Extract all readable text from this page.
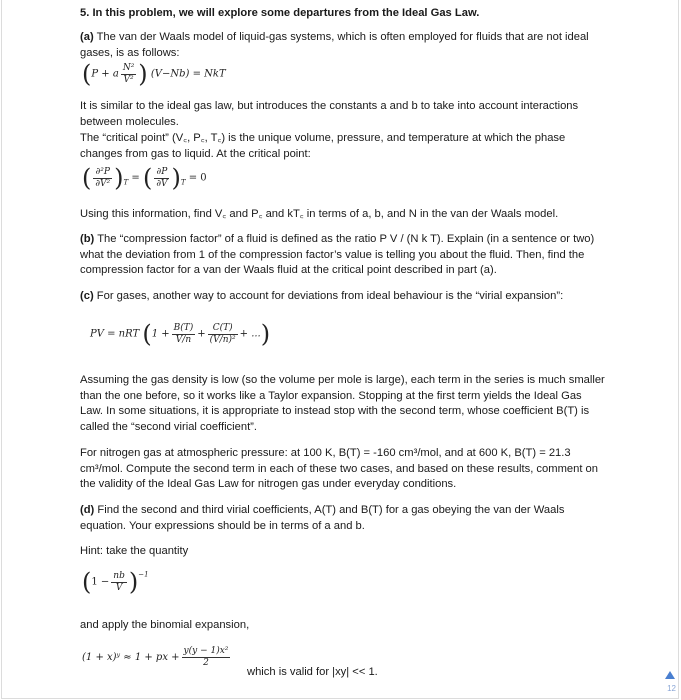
5. In this problem, we will explore some departures from the Ideal Gas Law.

(a) The van der Waals model of liquid-gas systems, which is often employed for fluids that are not ideal gases, is as follows:

(P + a $\frac{\text{N²}}{\text{V²}}$ ) (V−Nb) = NkT

It is similar to the ideal gas law, but introduces the constants a and b to take into account interactions between molecules.

The “critical point” (V꜀, P꜀, T꜀) is the unique volume, pressure, and temperature at which the phase changes from gas to liquid. At the critical point:

( $\frac{\text{∂²P}}{\text{∂V²}} )_T$ = ( $\frac{\partial P}{\partial V} )_T = 0$

Using this information, find V꜀ and P꜀ and kT꜀ in terms of a, b, and N in the van der Waals model.

(b) The “compression factor” of a fluid is defined as the ratio P V / (N k T). Explain (in a sentence or two) what the deviation from 1 of the compression factor’s value is telling you about the fluid. Then, find the compression factor for a van der Waals fluid at the critical point described in part (a).

(c) For gases, another way to account for deviations from ideal behaviour is the “virial expansion”:

PV = nRT ($1 + \frac{B(T)}{V/n} + \frac{C(T)}{\text{(V/n)²}}$ + ...)

Assuming the gas density is low (so the volume per mole is large), each term in the series is much smaller than the one before, so it works like a Taylor expansion. Stopping at the first term yields the Ideal Gas Law. In some situations, it is appropriate to instead stop with the second term, whose coefficient B(T) is called the “second virial coefficient”.

For nitrogen gas at atmospheric pressure: at 100 K, B(T) = -160 cm³/mol, and at 600 K, B(T) = 21.3 cm³/mol. Compute the second term in each of these two cases, and based on these results, comment on the validity of the Ideal Gas Law for nitrogen gas under everyday conditions.

(d) Find the second and third virial coefficients, A(T) and B(T) for a gas obeying the van der Waals equation. Your expressions should be in terms of a and b.

Hint: take the quantity

$(1 - \frac{nb}{V} )^{-1}$

and apply the binomial expansion,

(1 + x)ʸ ≈ 1 + px + $\frac{\text{y(y − 1)x²}}{2}$

which is valid for |xy| << 1.

12
